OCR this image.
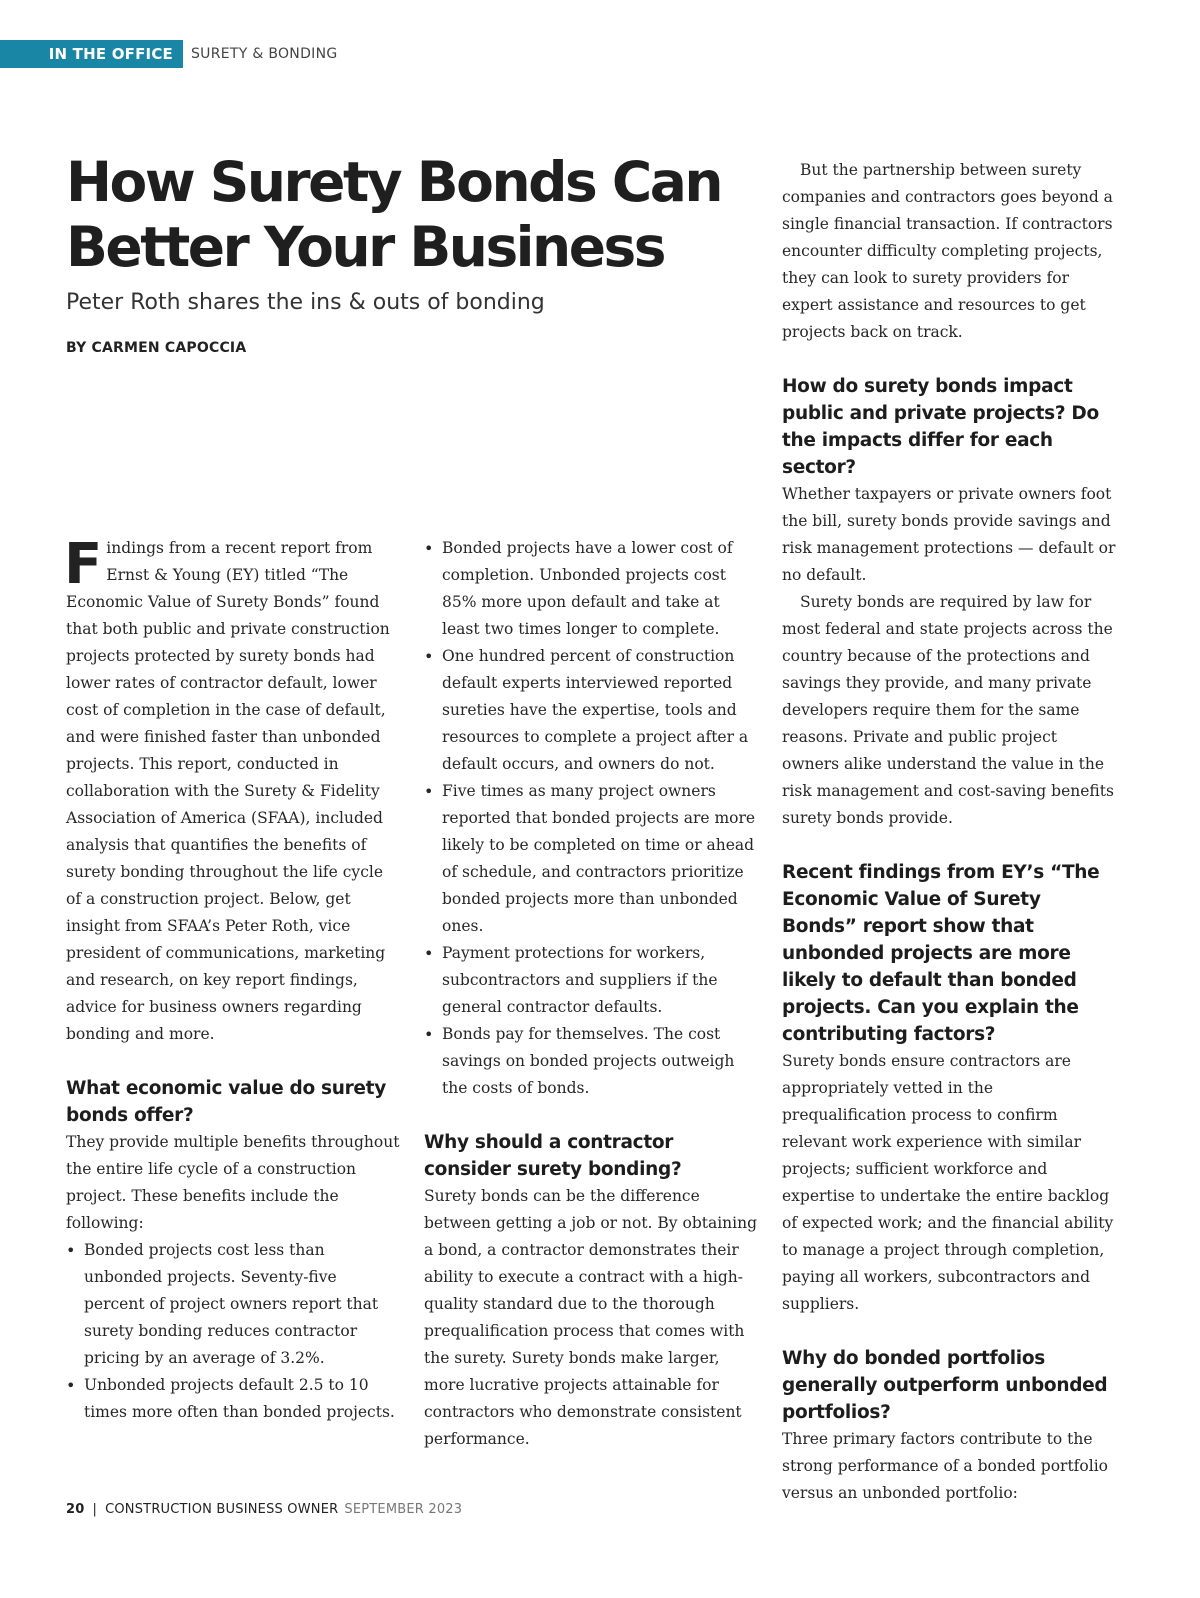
IN THE OFFICE	SURETY & BONDING
How Surety Bonds Can Better Your Business

Peter Roth shares the ins & outs of bonding

BY CARMEN CAPOCCIA

Findings from a recent report from Ernst & Young (EY) titled “The Economic Value of Surety Bonds” found that both public and private construction projects protected by surety bonds had lower rates of contractor default, lower cost of completion in the case of default, and were finished faster than unbonded projects. This report, conducted in collaboration with the Surety & Fidelity Association of America (SFAA), included analysis that quantifies the benefits of surety bonding throughout the life cycle of a construction project. Below, get insight from SFAA’s Peter Roth, vice president of communications, marketing and research, on key report findings, advice for business owners regarding bonding and more.

What economic value do surety bonds offer?

They provide multiple benefits throughout the entire life cycle of a construction project. These benefits include the following:

• Bonded projects cost less than unbonded projects. Seventy-five percent of project owners report that surety bonding reduces contractor pricing by an average of 3.2%.
• Unbonded projects default 2.5 to 10 times more often than bonded projects.
• Bonded projects have a lower cost of completion. Unbonded projects cost 85% more upon default and take at least two times longer to complete.
• One hundred percent of construction default experts interviewed reported sureties have the expertise, tools and resources to complete a project after a default occurs, and owners do not.
• Five times as many project owners reported that bonded projects are more likely to be completed on time or ahead of schedule, and contractors prioritize bonded projects more than unbonded ones.
• Payment protections for workers, subcontractors and suppliers if the general contractor defaults.
• Bonds pay for themselves. The cost savings on bonded projects outweigh the costs of bonds.

Why should a contractor consider surety bonding?

Surety bonds can be the difference between getting a job or not. By obtaining a bond, a contractor demonstrates their ability to execute a contract with a high-quality standard due to the thorough prequalification process that comes with the surety. Surety bonds make larger, more lucrative projects attainable for contractors who demonstrate consistent performance.

But the partnership between surety companies and contractors goes beyond a single financial transaction. If contractors encounter difficulty completing projects, they can look to surety providers for expert assistance and resources to get projects back on track.

How do surety bonds impact public and private projects? Do the impacts differ for each sector?

Whether taxpayers or private owners foot the bill, surety bonds provide savings and risk management protections — default or no default.

Surety bonds are required by law for most federal and state projects across the country because of the protections and savings they provide, and many private developers require them for the same reasons. Private and public project owners alike understand the value in the risk management and cost-saving benefits surety bonds provide.

Recent findings from EY’s “The Economic Value of Surety Bonds” report show that unbonded projects are more likely to default than bonded projects. Can you explain the contributing factors?

Surety bonds ensure contractors are appropriately vetted in the prequalification process to confirm relevant work experience with similar projects; sufficient workforce and expertise to undertake the entire backlog of expected work; and the financial ability to manage a project through completion, paying all workers, subcontractors and suppliers.

Why do bonded portfolios generally outperform unbonded portfolios?

Three primary factors contribute to the strong performance of a bonded portfolio versus an unbonded portfolio:

20 | CONSTRUCTION BUSINESS OWNER SEPTEMBER 2023
